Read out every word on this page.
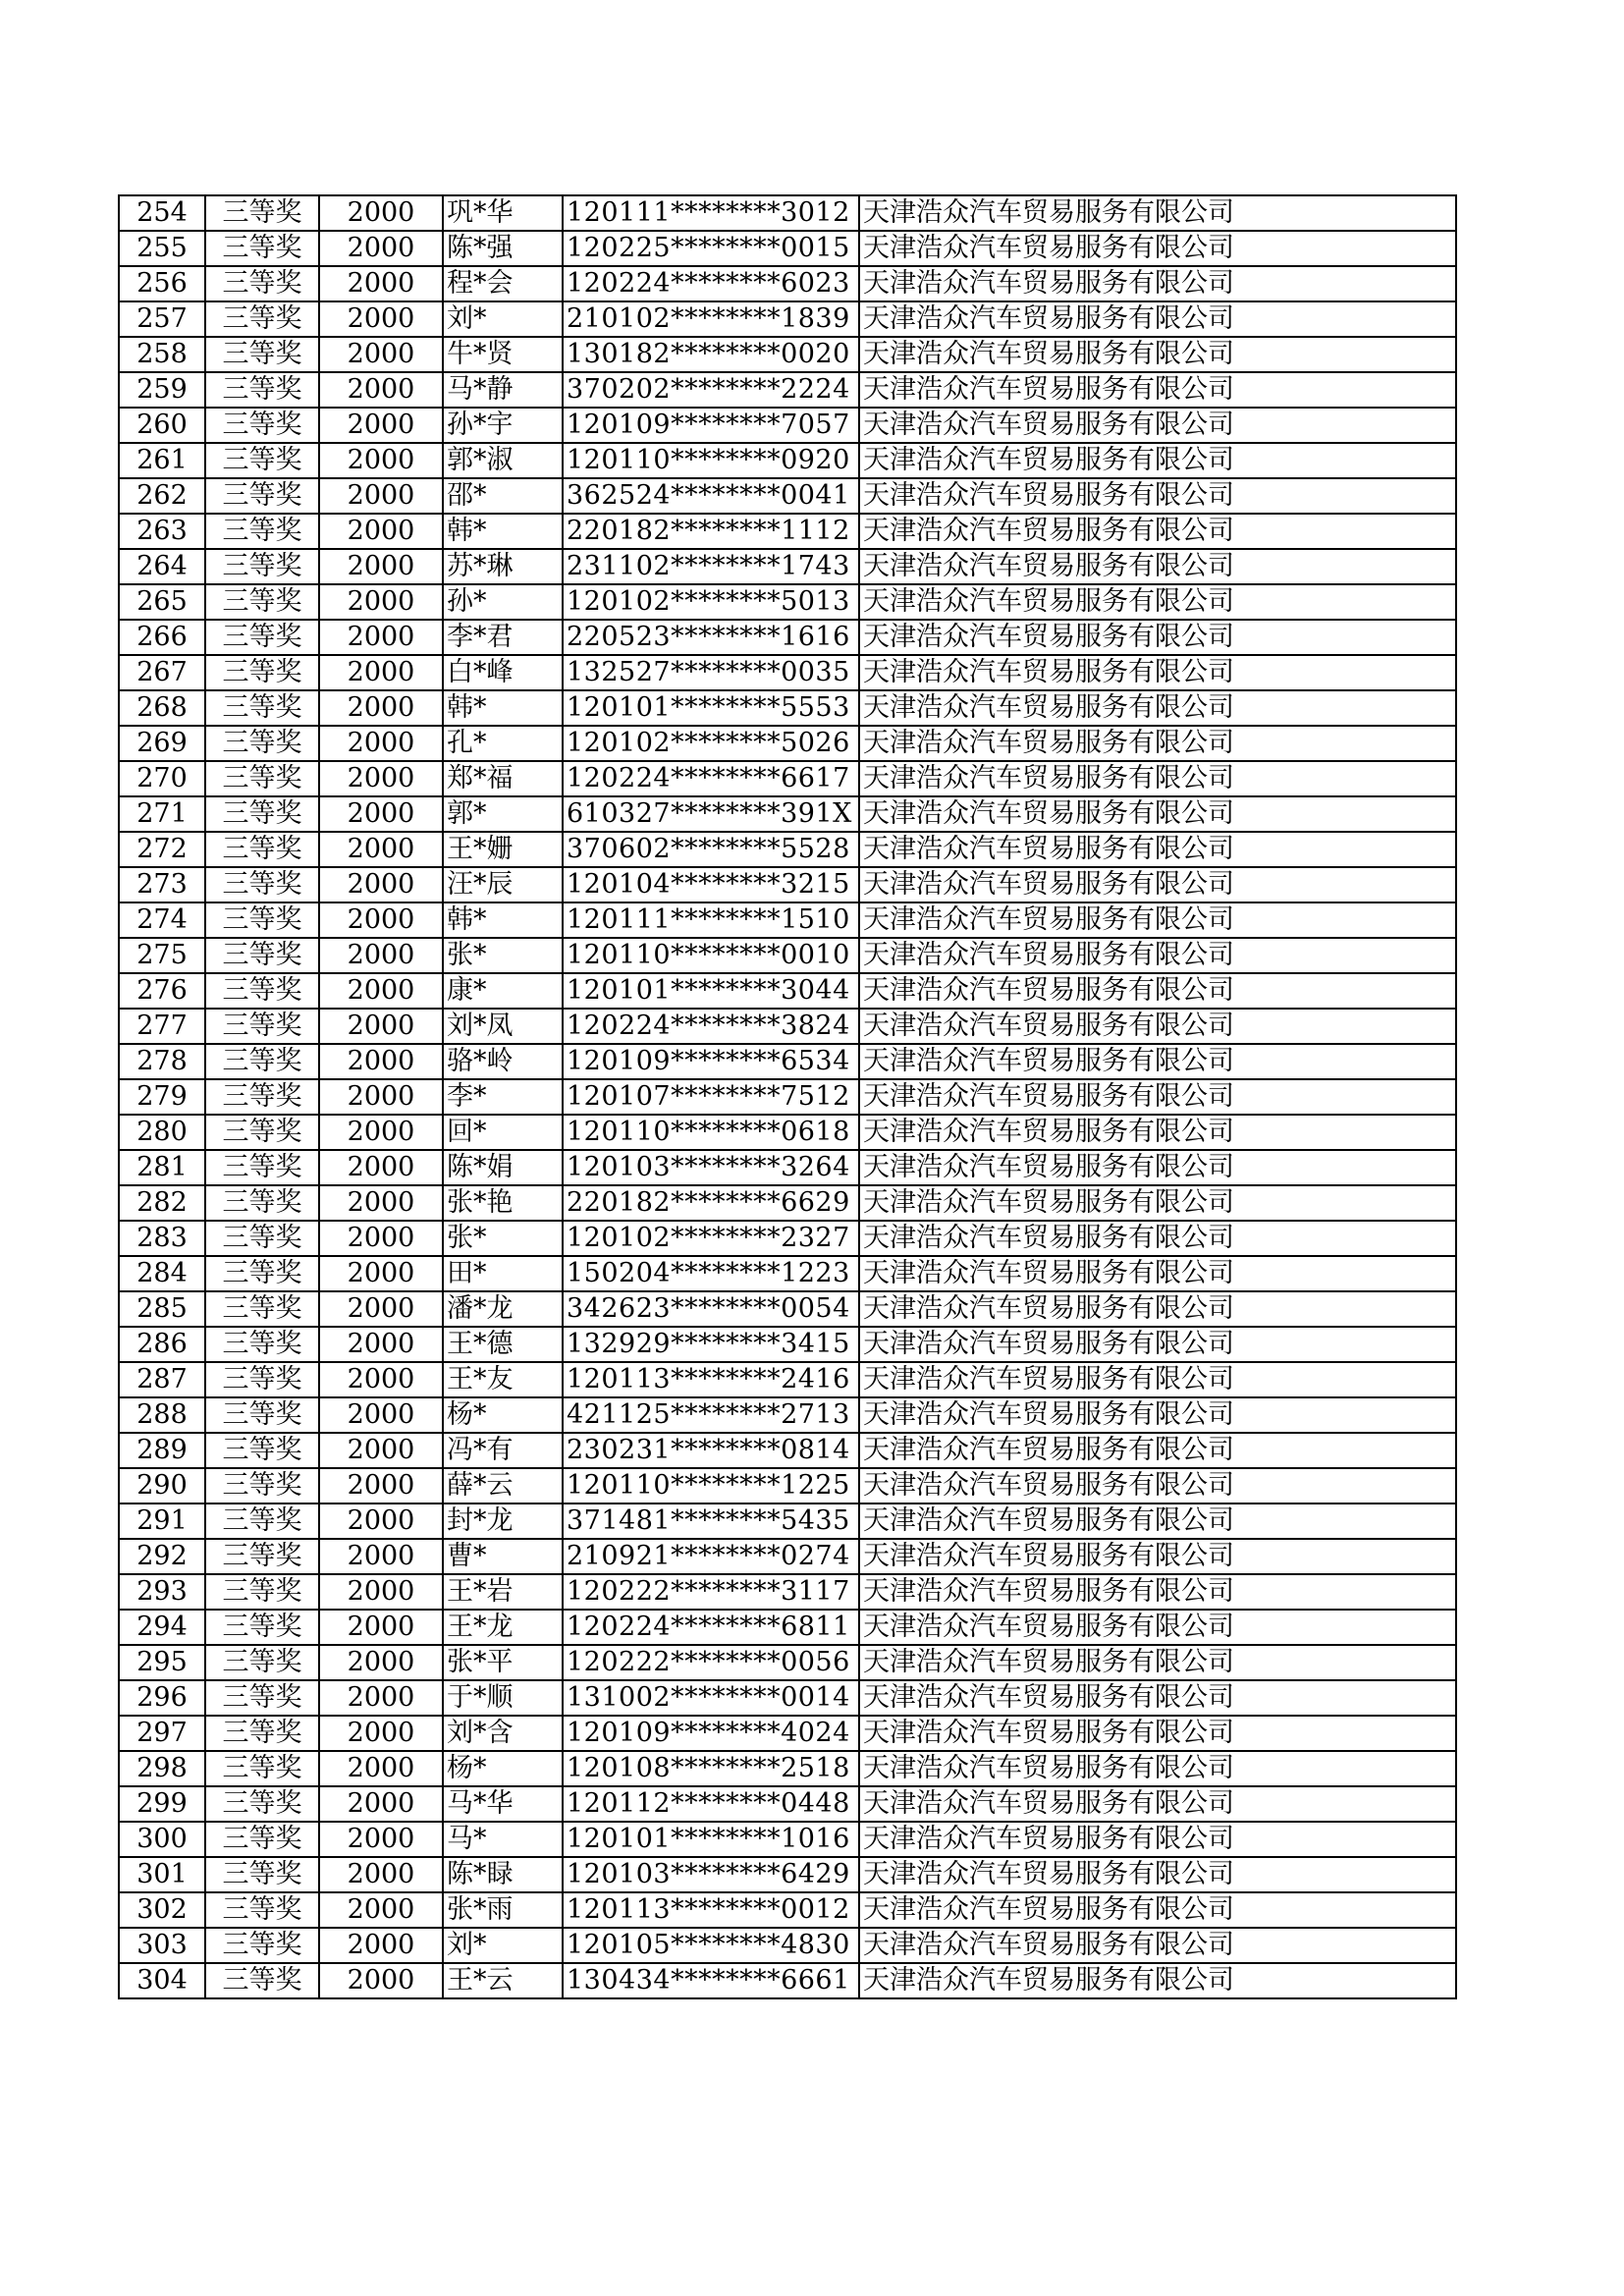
254	三等奖	2000	巩*华	120111********3012	天津浩众汽车贸易服务有限公司
255	三等奖	2000	陈*强	120225********0015	天津浩众汽车贸易服务有限公司
256	三等奖	2000	程*会	120224********6023	天津浩众汽车贸易服务有限公司
257	三等奖	2000	刘*	210102********1839	天津浩众汽车贸易服务有限公司
258	三等奖	2000	牛*贤	130182********0020	天津浩众汽车贸易服务有限公司
259	三等奖	2000	马*静	370202********2224	天津浩众汽车贸易服务有限公司
260	三等奖	2000	孙*宇	120109********7057	天津浩众汽车贸易服务有限公司
261	三等奖	2000	郭*淑	120110********0920	天津浩众汽车贸易服务有限公司
262	三等奖	2000	邵*	362524********0041	天津浩众汽车贸易服务有限公司
263	三等奖	2000	韩*	220182********1112	天津浩众汽车贸易服务有限公司
264	三等奖	2000	苏*琳	231102********1743	天津浩众汽车贸易服务有限公司
265	三等奖	2000	孙*	120102********5013	天津浩众汽车贸易服务有限公司
266	三等奖	2000	李*君	220523********1616	天津浩众汽车贸易服务有限公司
267	三等奖	2000	白*峰	132527********0035	天津浩众汽车贸易服务有限公司
268	三等奖	2000	韩*	120101********5553	天津浩众汽车贸易服务有限公司
269	三等奖	2000	孔*	120102********5026	天津浩众汽车贸易服务有限公司
270	三等奖	2000	郑*福	120224********6617	天津浩众汽车贸易服务有限公司
271	三等奖	2000	郭*	610327********391X	天津浩众汽车贸易服务有限公司
272	三等奖	2000	王*姗	370602********5528	天津浩众汽车贸易服务有限公司
273	三等奖	2000	汪*辰	120104********3215	天津浩众汽车贸易服务有限公司
274	三等奖	2000	韩*	120111********1510	天津浩众汽车贸易服务有限公司
275	三等奖	2000	张*	120110********0010	天津浩众汽车贸易服务有限公司
276	三等奖	2000	康*	120101********3044	天津浩众汽车贸易服务有限公司
277	三等奖	2000	刘*凤	120224********3824	天津浩众汽车贸易服务有限公司
278	三等奖	2000	骆*岭	120109********6534	天津浩众汽车贸易服务有限公司
279	三等奖	2000	李*	120107********7512	天津浩众汽车贸易服务有限公司
280	三等奖	2000	回*	120110********0618	天津浩众汽车贸易服务有限公司
281	三等奖	2000	陈*娟	120103********3264	天津浩众汽车贸易服务有限公司
282	三等奖	2000	张*艳	220182********6629	天津浩众汽车贸易服务有限公司
283	三等奖	2000	张*	120102********2327	天津浩众汽车贸易服务有限公司
284	三等奖	2000	田*	150204********1223	天津浩众汽车贸易服务有限公司
285	三等奖	2000	潘*龙	342623********0054	天津浩众汽车贸易服务有限公司
286	三等奖	2000	王*德	132929********3415	天津浩众汽车贸易服务有限公司
287	三等奖	2000	王*友	120113********2416	天津浩众汽车贸易服务有限公司
288	三等奖	2000	杨*	421125********2713	天津浩众汽车贸易服务有限公司
289	三等奖	2000	冯*有	230231********0814	天津浩众汽车贸易服务有限公司
290	三等奖	2000	薛*云	120110********1225	天津浩众汽车贸易服务有限公司
291	三等奖	2000	封*龙	371481********5435	天津浩众汽车贸易服务有限公司
292	三等奖	2000	曹*	210921********0274	天津浩众汽车贸易服务有限公司
293	三等奖	2000	王*岩	120222********3117	天津浩众汽车贸易服务有限公司
294	三等奖	2000	王*龙	120224********6811	天津浩众汽车贸易服务有限公司
295	三等奖	2000	张*平	120222********0056	天津浩众汽车贸易服务有限公司
296	三等奖	2000	于*顺	131002********0014	天津浩众汽车贸易服务有限公司
297	三等奖	2000	刘*含	120109********4024	天津浩众汽车贸易服务有限公司
298	三等奖	2000	杨*	120108********2518	天津浩众汽车贸易服务有限公司
299	三等奖	2000	马*华	120112********0448	天津浩众汽车贸易服务有限公司
300	三等奖	2000	马*	120101********1016	天津浩众汽车贸易服务有限公司
301	三等奖	2000	陈*睩	120103********6429	天津浩众汽车贸易服务有限公司
302	三等奖	2000	张*雨	120113********0012	天津浩众汽车贸易服务有限公司
303	三等奖	2000	刘*	120105********4830	天津浩众汽车贸易服务有限公司
304	三等奖	2000	王*云	130434********6661	天津浩众汽车贸易服务有限公司
